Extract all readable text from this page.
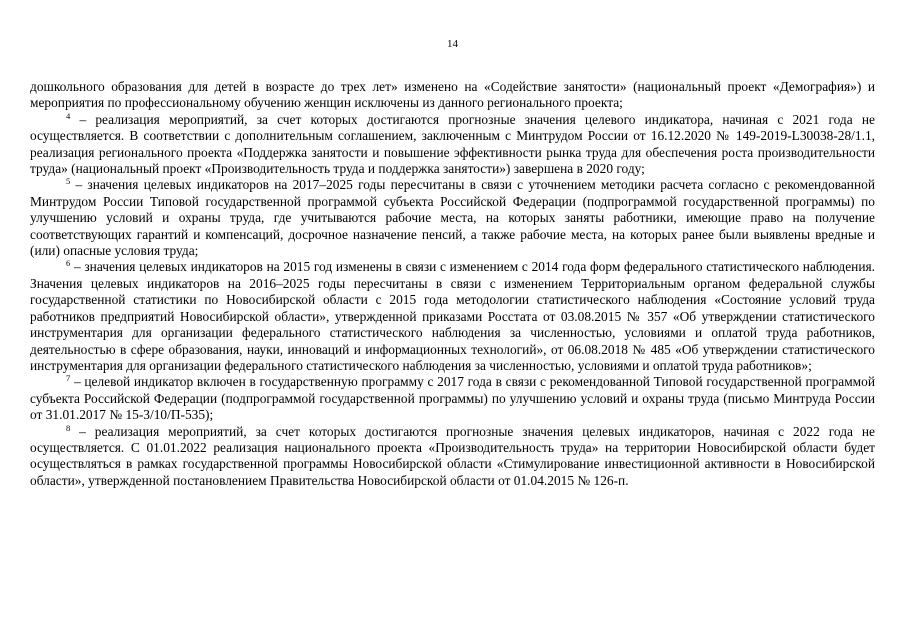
14

дошкольного образования для детей в возрасте до трех лет» изменено на «Содействие занятости» (национальный проект «Демография») и мероприятия по профессиональному обучению женщин исключены из данного регионального проекта;

$^4$ – реализация мероприятий, за счет которых достигаются прогнозные значения целевого индикатора, начиная с 2021 года не осуществляется. В соответствии с дополнительным соглашением, заключенным с Минтрудом России от 16.12.2020 № 149-2019-L30038-28/1.1, реализация регионального проекта «Поддержка занятости и повышение эффективности рынка труда для обеспечения роста производительности труда» (национальный проект «Производительность труда и поддержка занятости») завершена в 2020 году;

$^5$ – значения целевых индикаторов на 2017–2025 годы пересчитаны в связи с уточнением методики расчета согласно с рекомендованной Минтрудом России Типовой государственной программой субъекта Российской Федерации (подпрограммой государственной программы) по улучшению условий и охраны труда, где учитываются рабочие места, на которых заняты работники, имеющие право на получение соответствующих гарантий и компенсаций, досрочное назначение пенсий, а также рабочие места, на которых ранее были выявлены вредные и (или) опасные условия труда;

$^6$ – значения целевых индикаторов на 2015 год изменены в связи с изменением с 2014 года форм федерального статистического наблюдения. Значения целевых индикаторов на 2016–2025 годы пересчитаны в связи с изменением Территориальным органом федеральной службы государственной статистики по Новосибирской области с 2015 года методологии статистического наблюдения «Состояние условий труда работников предприятий Новосибирской области», утвержденной приказами Росстата от 03.08.2015 № 357 «Об утверждении статистического инструментария для организации федерального статистического наблюдения за численностью, условиями и оплатой труда работников, деятельностью в сфере образования, науки, инноваций и информационных технологий», от 06.08.2018 № 485 «Об утверждении статистического инструментария для организации федерального статистического наблюдения за численностью, условиями и оплатой труда работников»;

$^7$ – целевой индикатор включен в государственную программу с 2017 года в связи с рекомендованной Типовой государственной программой субъекта Российской Федерации (подпрограммой государственной программы) по улучшению условий и охраны труда (письмо Минтруда России от 31.01.2017 № 15-3/10/П-535);

$^8$ – реализация мероприятий, за счет которых достигаются прогнозные значения целевых индикаторов, начиная с 2022 года не осуществляется. С 01.01.2022 реализация национального проекта «Производительность труда» на территории Новосибирской области будет осуществляться в рамках государственной программы Новосибирской области «Стимулирование инвестиционной активности в Новосибирской области», утвержденной постановлением Правительства Новосибирской области от 01.04.2015 № 126-п.
